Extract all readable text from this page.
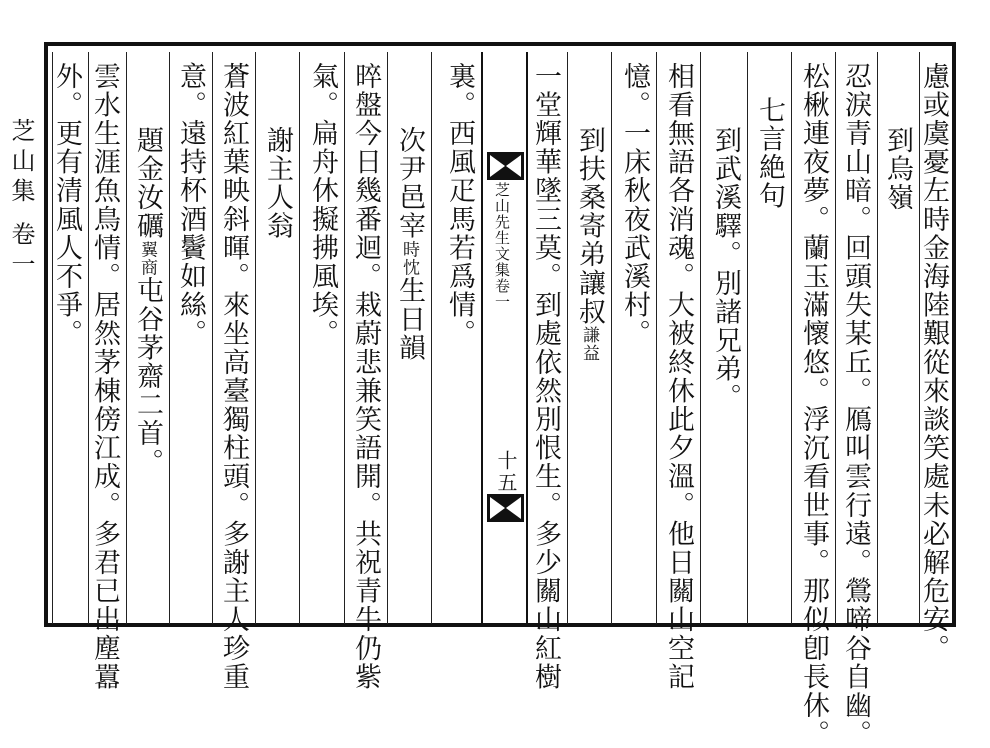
芝山集 卷一	慮或虞憂左時金海陸艱從來談笑處未必解危安。
到烏嶺
忍淚青山暗。回頭失某丘。鴈叫雲行遠。鶯啼谷自幽。
松楸連夜夢。蘭玉滿懷悠。浮沉看世事。那似卽長休。
七言絶句
到武溪驛。別諸兄弟。
相看無語各消魂。大被終休此夕溫。他日關山空記
憶。一床秋夜武溪村。
到扶桑寄弟讓叔謙益
芝山先生文集卷一
十五 一堂輝華墜三莫。到處依然別恨生。多少關山紅樹
裏。西風疋馬若爲情。
次尹邑宰時忱生日韻
晬盤今日幾番迴。栽蔚悲兼笑語開。共祝青牛仍紫
氣。扁舟休擬拂風埃。
謝主人翁
蒼波紅葉映斜暉。來坐高臺獨柱頭。多謝主人珍重
意。遠持杯酒鬢如絲。
題金汝礪翼商屯谷茅齋二首。
雲水生涯魚鳥情。居然茅棟傍江成。多君已出塵囂
外。更有清風人不爭。
